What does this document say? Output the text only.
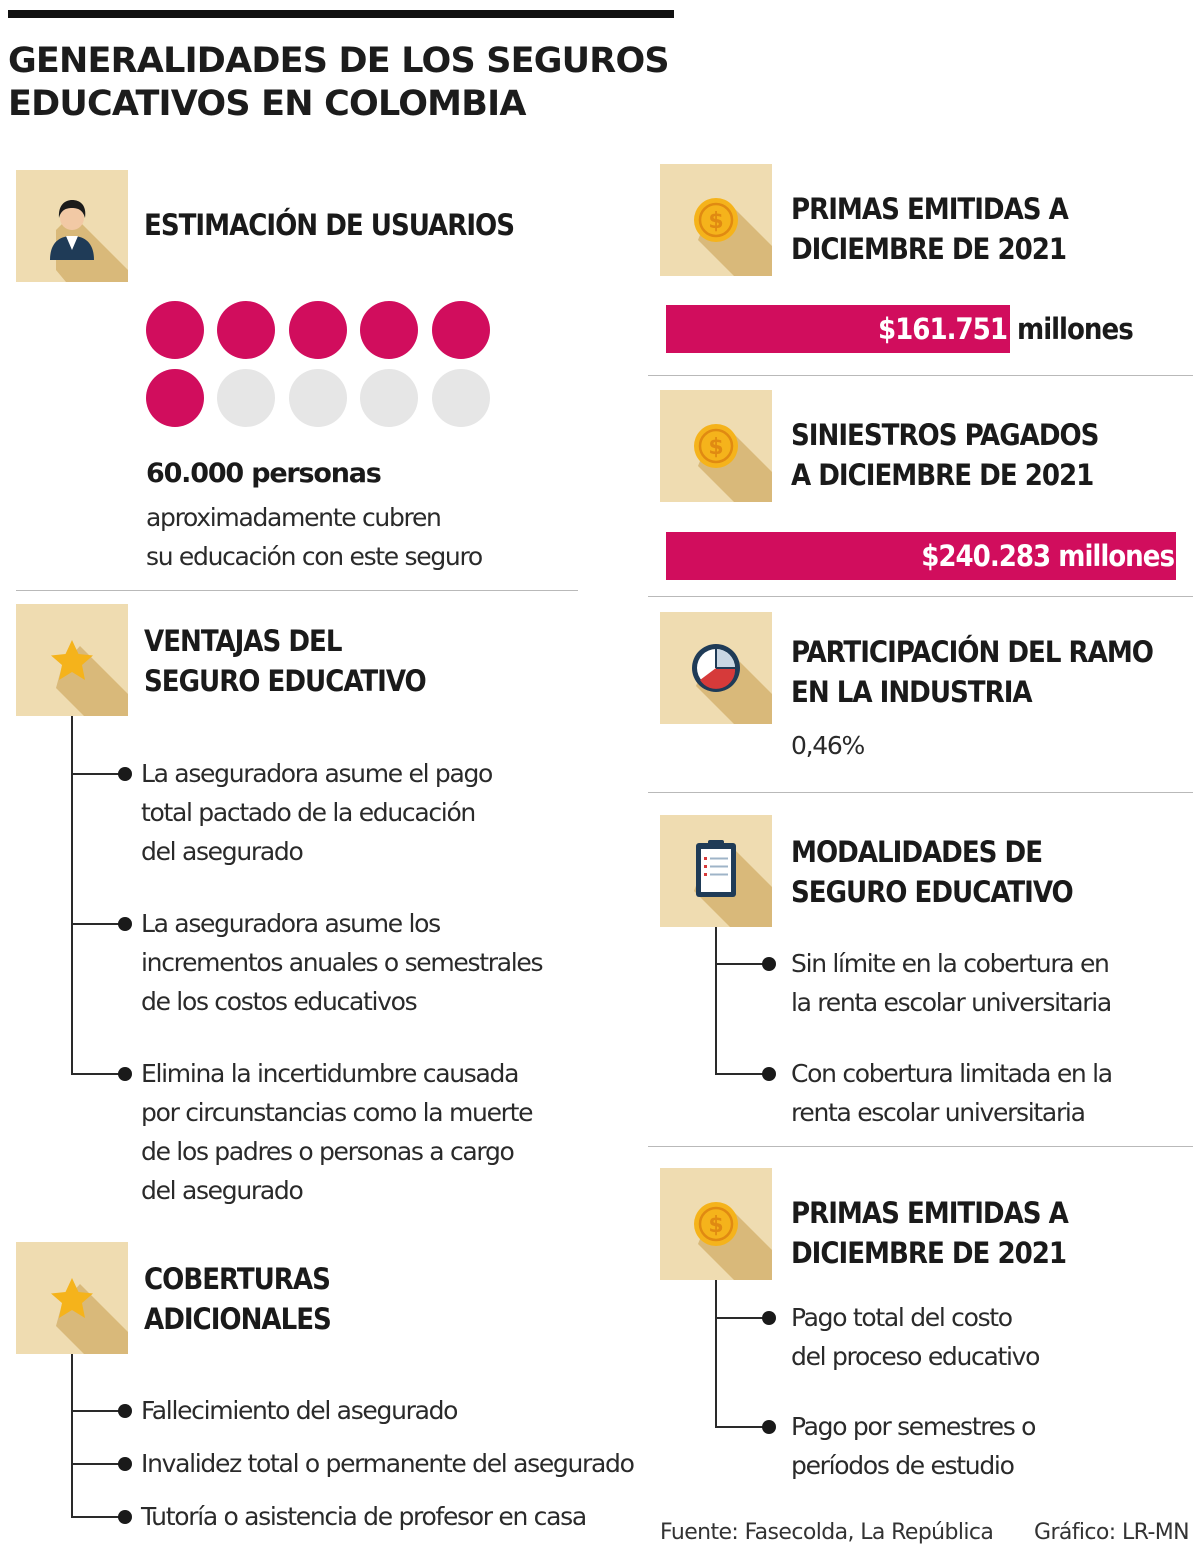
GENERALIDADES DE LOS SEGUROS
EDUCATIVOS EN COLOMBIA
ESTIMACIÓN DE USUARIOS
60.000 personas
aproximadamente cubren
su educación con este seguro
VENTAJAS DEL
SEGURO EDUCATIVO
La aseguradora asume el pago
total pactado de la educación
del asegurado
La aseguradora asume los
incrementos anuales o semestrales
de los costos educativos
Elimina la incertidumbre causada
por circunstancias como la muerte
de los padres o personas a cargo
del asegurado
COBERTURAS
ADICIONALES
Fallecimiento del asegurado
Invalidez total o permanente del asegurado
Tutoría o asistencia de profesor en casa
$ PRIMAS EMITIDAS A
DICIEMBRE DE 2021
$161.751 millones
$ SINIESTROS PAGADOS
A DICIEMBRE DE 2021
$240.283 millones
PARTICIPACIÓN DEL RAMO
EN LA INDUSTRIA
0,46%
MODALIDADES DE
SEGURO EDUCATIVO
Sin límite en la cobertura en
la renta escolar universitaria
Con cobertura limitada en la
renta escolar universitaria
$ PRIMAS EMITIDAS A
DICIEMBRE DE 2021
Pago total del costo
del proceso educativo
Pago por semestres o
períodos de estudio
Fuente: Fasecolda, La República Gráfico: LR-MN
